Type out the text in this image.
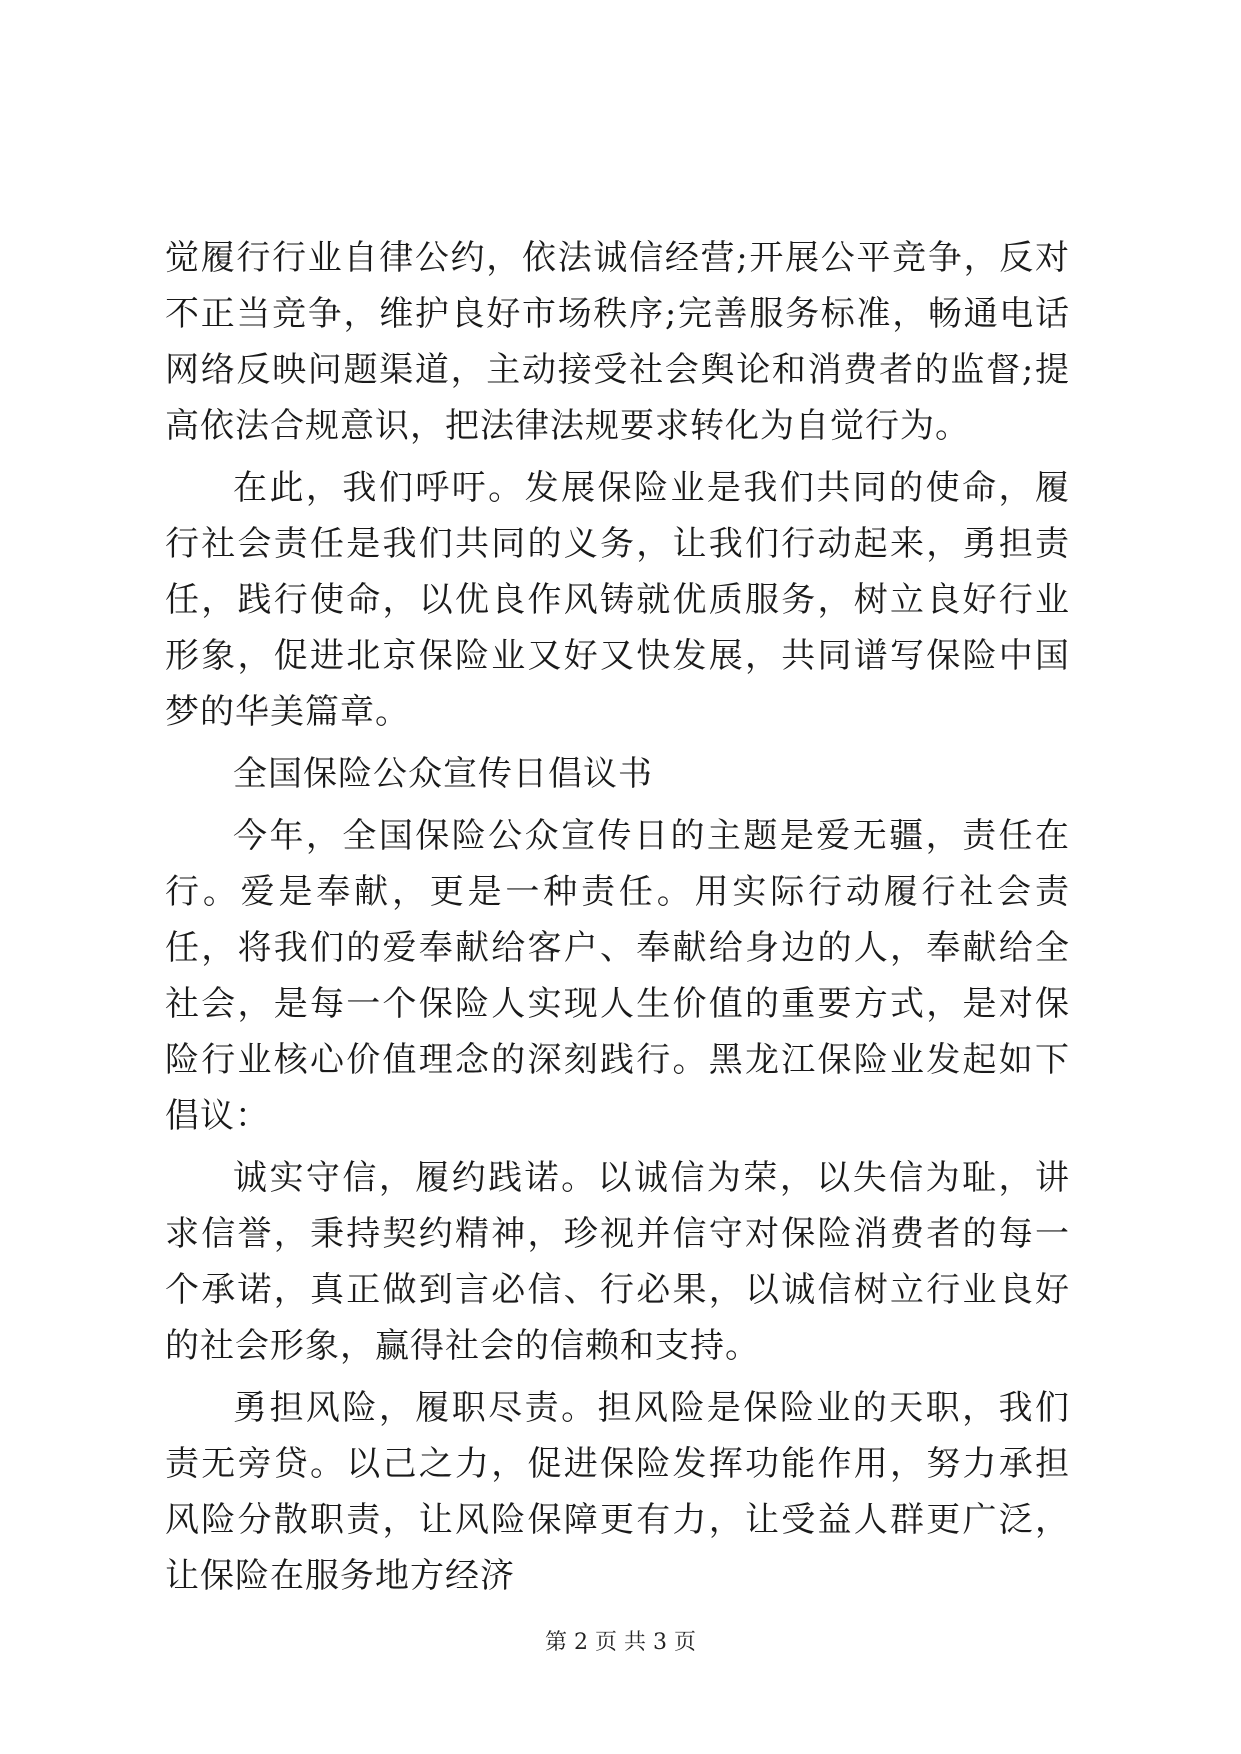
觉履行行业自律公约，依法诚信经营;开展公平竞争，反对不正当竞争，维护良好市场秩序;完善服务标准，畅通电话网络反映问题渠道，主动接受社会舆论和消费者的监督;提高依法合规意识，把法律法规要求转化为自觉行为。

在此，我们呼吁。发展保险业是我们共同的使命，履行社会责任是我们共同的义务，让我们行动起来，勇担责任，践行使命，以优良作风铸就优质服务，树立良好行业形象，促进北京保险业又好又快发展，共同谱写保险中国梦的华美篇章。

全国保险公众宣传日倡议书

今年，全国保险公众宣传日的主题是爱无疆，责任在行。爱是奉献，更是一种责任。用实际行动履行社会责任，将我们的爱奉献给客户、奉献给身边的人，奉献给全社会，是每一个保险人实现人生价值的重要方式，是对保险行业核心价值理念的深刻践行。黑龙江保险业发起如下倡议：

诚实守信，履约践诺。以诚信为荣，以失信为耻，讲求信誉，秉持契约精神，珍视并信守对保险消费者的每一个承诺，真正做到言必信、行必果，以诚信树立行业良好的社会形象，赢得社会的信赖和支持。

勇担风险，履职尽责。担风险是保险业的天职，我们责无旁贷。以己之力，促进保险发挥功能作用，努力承担风险分散职责，让风险保障更有力，让受益人群更广泛，让保险在服务地方经济

第 2 页 共 3 页
